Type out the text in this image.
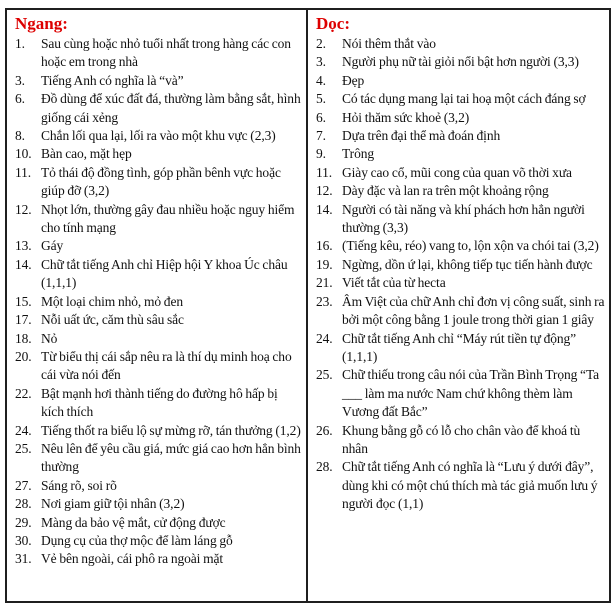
Ngang:
1.	Sau cùng hoặc nhỏ tuổi nhất trong hàng các con hoặc em trong nhà
3.	Tiếng Anh có nghĩa là “và”
6.	Đồ dùng để xúc đất đá, thường làm bằng sắt, hình giống cái xẻng
8.	Chắn lối qua lại, lối ra vào một khu vực (2,3)
10. Bàn cao, mặt hẹp
11. Tỏ thái độ đồng tình, góp phần bênh vực hoặc giúp đỡ (3,2)
12. Nhọt lớn, thường gây đau nhiều hoặc nguy hiểm cho tính mạng
13. Gáy
14. Chữ tắt tiếng Anh chỉ Hiệp hội Y khoa Úc châu (1,1,1)
15. Một loại chim nhỏ, mỏ đen
17. Nỗi uất ức, căm thù sâu sắc
18. Nỏ
20. Từ biểu thị cái sắp nêu ra là thí dụ minh hoạ cho cái vừa nói đến
22. Bật mạnh hơi thành tiếng do đường hô hấp bị kích thích
24. Tiếng thốt ra biểu lộ sự mừng rỡ, tán thưởng (1,2)
25. Nêu lên để yêu cầu giá, mức giá cao hơn hẳn bình thường
27. Sáng rõ, soi rõ
28. Nơi giam giữ tội nhân (3,2)
29. Màng da bảo vệ mắt, cử động được
30. Dụng cụ của thợ mộc để làm láng gỗ
31. Vẻ bên ngoài, cái phô ra ngoài mặt
Dọc:
2.	Nói thêm thắt vào
3.	Người phụ nữ tài giỏi nổi bật hơn người (3,3)
4.	Đẹp
5.	Có tác dụng mang lại tai hoạ một cách đáng sợ
6.	Hỏi thăm sức khoẻ (3,2)
7.	Dựa trên đại thể mà đoán định
9.	Trông
11. Giày cao cổ, mũi cong của quan võ thời xưa
12. Dày đặc và lan ra trên một khoảng rộng
14. Người có tài năng và khí phách hơn hẳn người thường (3,3)
16. (Tiếng kêu, réo) vang to, lộn xộn va chói tai (3,2)
19. Ngừng, dồn ứ lại, không tiếp tục tiến hành được
21. Viết tắt của từ hecta
23. Âm Việt của chữ Anh chỉ đơn vị công suất, sinh ra bởi một công bằng 1 joule trong thời gian 1 giây
24. Chữ tắt tiếng Anh chỉ “Máy rút tiền tự động” (1,1,1)
25. Chữ thiếu trong câu nói của Trần Bình Trọng “Ta ___ làm ma nước Nam chứ không thèm làm Vương đất Bắc”
26. Khung bằng gỗ có lỗ cho chân vào để khoá tù nhân
28. Chữ tắt tiếng Anh có nghĩa là “Lưu ý dưới đây”, dùng khi có một chú thích mà tác giả muốn lưu ý người đọc (1,1)
